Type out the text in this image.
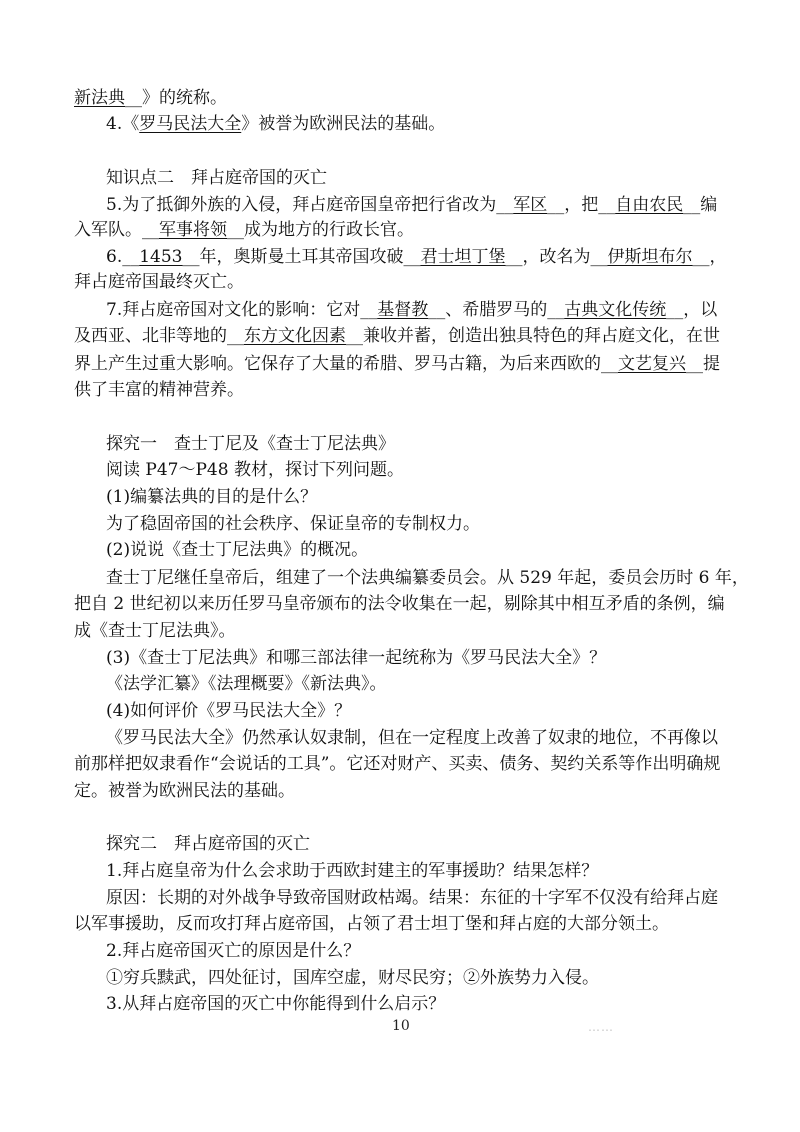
新法典__》的统称。
4.《罗马民法大全》被誉为欧洲民法的基础。
知识点二　拜占庭帝国的灭亡
5.为了抵御外族的入侵，拜占庭帝国皇帝把行省改为__军区__，把__自由农民__编
入军队。__军事将领__成为地方的行政长官。
6.__1453__年，奥斯曼土耳其帝国攻破__君士坦丁堡__，改名为__伊斯坦布尔__，
拜占庭帝国最终灭亡。
7.拜占庭帝国对文化的影响：它对__基督教__、希腊罗马的__古典文化传统__，以
及西亚、北非等地的__东方文化因素__兼收并蓄，创造出独具特色的拜占庭文化，在世
界上产生过重大影响。它保存了大量的希腊、罗马古籍，为后来西欧的__文艺复兴__提
供了丰富的精神营养。
探究一　查士丁尼及《查士丁尼法典》
阅读 P47～P48 教材，探讨下列问题。
(1)编纂法典的目的是什么？
为了稳固帝国的社会秩序、保证皇帝的专制权力。
(2)说说《查士丁尼法典》的概况。
查士丁尼继任皇帝后，组建了一个法典编纂委员会。从 529 年起，委员会历时 6 年，
把自 2 世纪初以来历任罗马皇帝颁布的法令收集在一起，剔除其中相互矛盾的条例，编
成《查士丁尼法典》。
(3)《查士丁尼法典》和哪三部法律一起统称为《罗马民法大全》？
《法学汇纂》《法理概要》《新法典》。
(4)如何评价《罗马民法大全》？
《罗马民法大全》仍然承认奴隶制，但在一定程度上改善了奴隶的地位，不再像以
前那样把奴隶看作“会说话的工具”。它还对财产、买卖、债务、契约关系等作出明确规
定。被誉为欧洲民法的基础。
探究二　拜占庭帝国的灭亡
1.拜占庭皇帝为什么会求助于西欧封建主的军事援助？结果怎样？
原因：长期的对外战争导致帝国财政枯竭。结果：东征的十字军不仅没有给拜占庭
以军事援助，反而攻打拜占庭帝国，占领了君士坦丁堡和拜占庭的大部分领土。
2.拜占庭帝国灭亡的原因是什么？
①穷兵黩武，四处征讨，国库空虚，财尽民穷；②外族势力入侵。
3.从拜占庭帝国的灭亡中你能得到什么启示？
10	……
